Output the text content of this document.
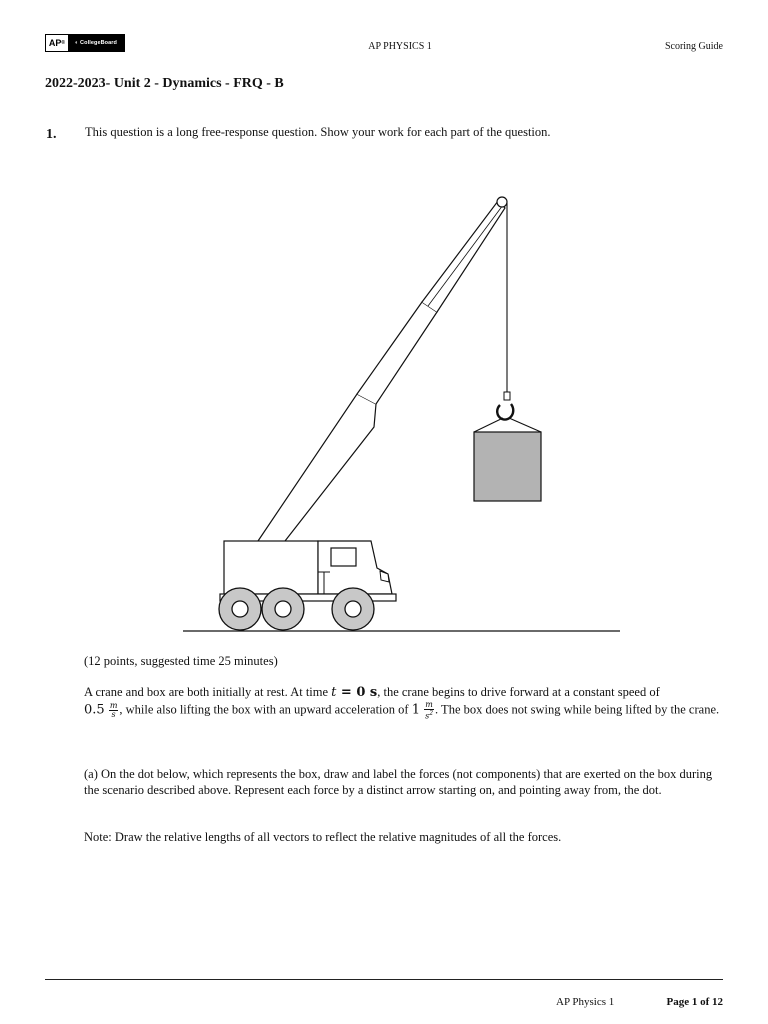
AP ®	◐ CollegeBoard	AP PHYSICS 1	Scoring Guide
2022-2023- Unit 2 - Dynamics - FRQ - B
1. This question is a long free-response question. Show your work for each part of the question.
(12 points, suggested time 25 minutes)
A crane and box are both initially at rest. At time t = 0 s, the crane begins to drive forward at a constant speed of
$0.5 \frac{m}{s}$ , while also lifting the box with an upward acceleration of $1 \frac{m}{s^2}$ . The box does not swing while being lifted by the crane.
(a) On the dot below, which represents the box, draw and label the forces (not components) that are exerted on the box during the scenario described above. Represent each force by a distinct arrow starting on, and pointing away from, the dot.
Note: Draw the relative lengths of all vectors to reflect the relative magnitudes of all the forces.
AP Physics 1	Page 1 of 12
